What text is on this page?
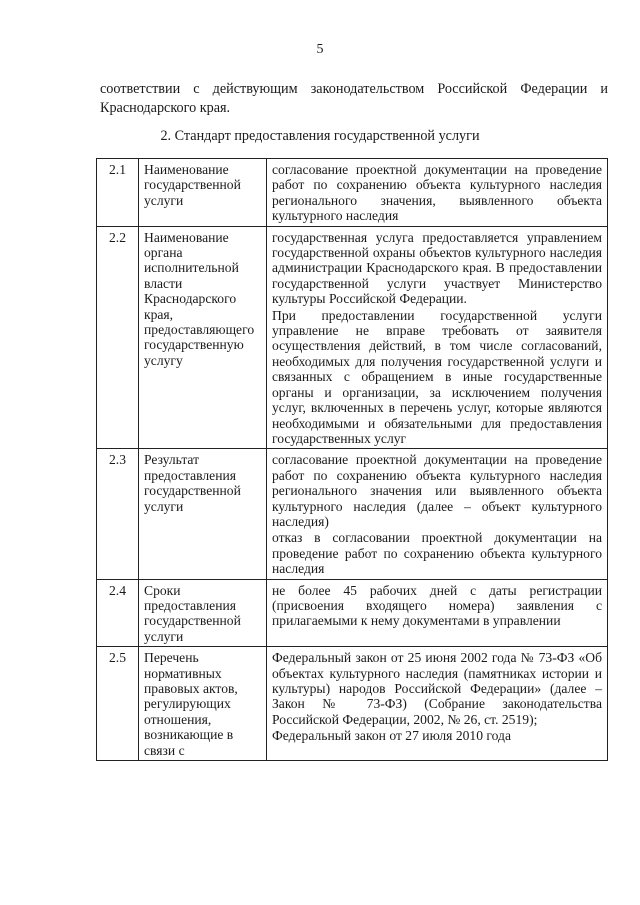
5
соответствии с действующим законодательством Российской Федерации и Краснодарского края.
2. Стандарт предоставления государственной услуги
2.1	Наименование государственной услуги	согласование проектной документации на проведение работ по сохранению объекта культурного наследия регионального значения, выявленного объекта культурного наследия

2.2	Наименование органа исполнительной власти Краснодарского края, предоставляющего государственную услугу	государственная услуга предоставляется управлением государственной охраны объектов культурного наследия администрации Краснодарского края. В предоставлении государственной услуги участвует Министерство культуры Российской Федерации.
При предоставлении государственной услуги управление не вправе требовать от заявителя осуществления действий, в том числе согласований, необходимых для получения государственной услуги и связанных с обращением в иные государственные органы и организации, за исключением получения услуг, включенных в перечень услуг, которые являются необходимыми и обязательными для предоставления государственных услуг

2.3	Результат предоставления государственной услуги	согласование проектной документации на проведение работ по сохранению объекта культурного наследия регионального значения или выявленного объекта культурного наследия (далее – объект культурного наследия)
отказ в согласовании проектной документации на проведение работ по сохранению объекта культурного наследия

2.4	Сроки предоставления государственной услуги	не более 45 рабочих дней с даты регистрации (присвоения входящего номера) заявления с прилагаемыми к нему документами в управлении

2.5	Перечень нормативных правовых актов, регулирующих отношения, возникающие в связи с	Федеральный закон от 25 июня 2002 года № 73-ФЗ «Об объектах культурного наследия (памятниках истории и культуры) народов Российской Федерации» (далее – Закон № 73-ФЗ) (Собрание законодательства Российской Федерации, 2002, № 26, ст. 2519);
Федеральный закон от 27 июля 2010 года
